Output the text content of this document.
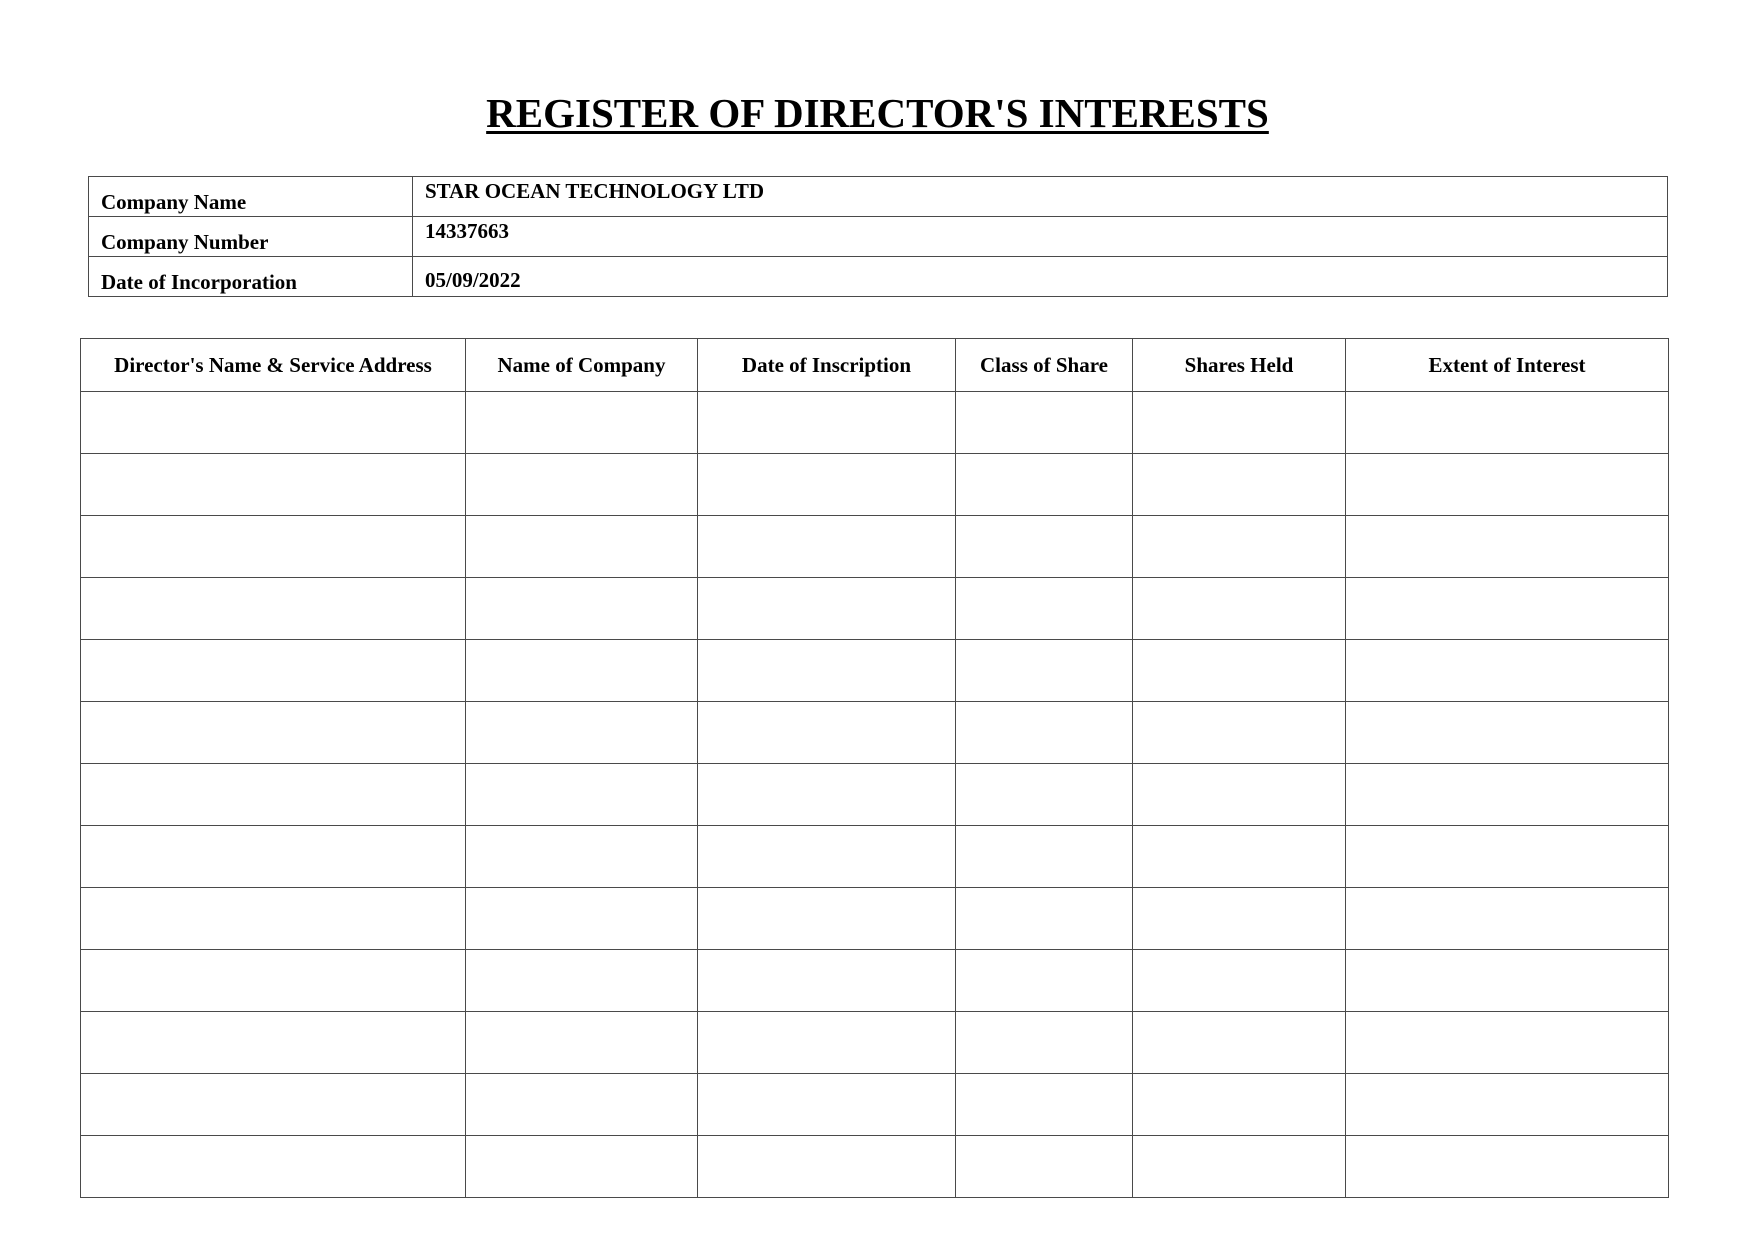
REGISTER OF DIRECTOR'S INTERESTS
Company Name	STAR OCEAN TECHNOLOGY LTD

Company Number	14337663

Date of Incorporation	05/09/2022
Director's Name & Service Address	Name of Company	Date of Inscription	Class of Share	Shares Held	Extent of Interest
